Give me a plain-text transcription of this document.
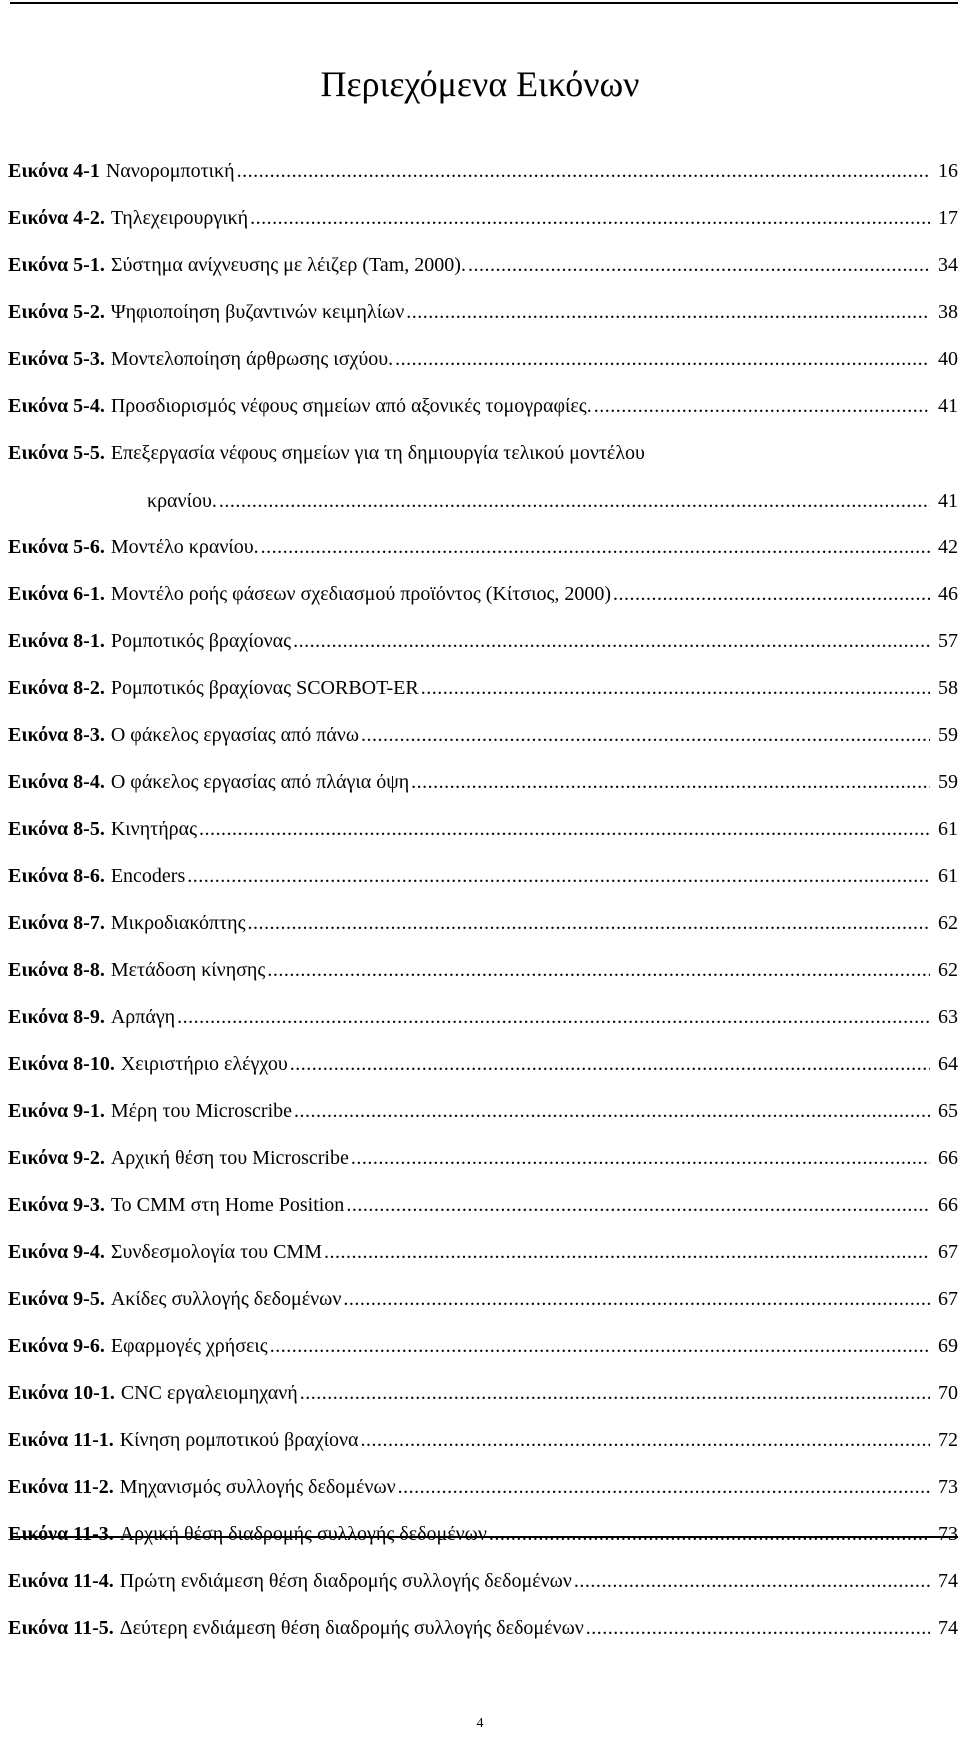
Περιεχόμενα Εικόνων
Εικόνα 4-1 Νανορομποτική .....	16
Εικόνα 4-2. Τηλεχειρουργική .....	17
Εικόνα 5-1. Σύστημα ανίχνευσης με λέιζερ (Tam, 2000). .....	34
Εικόνα 5-2. Ψηφιοποίηση βυζαντινών κειμηλίων .....	38
Εικόνα 5-3. Μοντελοποίηση άρθρωσης ισχύου. .....	40
Εικόνα 5-4. Προσδιορισμός νέφους σημείων από αξονικές τομογραφίες. .....	41
Εικόνα 5-5. Επεξεργασία νέφους σημείων για τη δημιουργία τελικού μοντέλου
κρανίου. .....	41
Εικόνα 5-6. Μοντέλο κρανίου. .....	42
Εικόνα 6-1. Μοντέλο ροής φάσεων σχεδιασμού προϊόντος (Κίτσιος, 2000) .....	46
Εικόνα 8-1. Ρομποτικός βραχίονας .....	57
Εικόνα 8-2. Ρομποτικός βραχίονας SCORBOT-ER .....	58
Εικόνα 8-3. Ο φάκελος εργασίας από πάνω .....	59
Εικόνα 8-4. Ο φάκελος εργασίας από πλάγια όψη .....	59
Εικόνα 8-5. Κινητήρας .....	61
Εικόνα 8-6. Encoders .....	61
Εικόνα 8-7. Μικροδιακόπτης .....	62
Εικόνα 8-8. Μετάδοση κίνησης .....	62
Εικόνα 8-9. Αρπάγη .....	63
Εικόνα 8-10. Χειριστήριο ελέγχου .....	64
Εικόνα 9-1. Μέρη του Microscribe .....	65
Εικόνα 9-2. Αρχική θέση του Microscribe .....	66
Εικόνα 9-3. Το CMM στη Home Position .....	66
Εικόνα 9-4. Συνδεσμολογία του CMM .....	67
Εικόνα 9-5. Ακίδες συλλογής δεδομένων .....	67
Εικόνα 9-6. Εφαρμογές χρήσεις .....	69
Εικόνα 10-1. CNC εργαλειομηχανή .....	70
Εικόνα 11-1. Κίνηση ρομποτικού βραχίονα .....	72
Εικόνα 11-2. Μηχανισμός συλλογής δεδομένων .....	73
Εικόνα 11-3. Αρχική θέση διαδρομής συλλογής δεδομένων .....	73
Εικόνα 11-4. Πρώτη ενδιάμεση θέση διαδρομής συλλογής δεδομένων .....	74
Εικόνα 11-5. Δεύτερη ενδιάμεση θέση διαδρομής συλλογής δεδομένων .....	74
4
